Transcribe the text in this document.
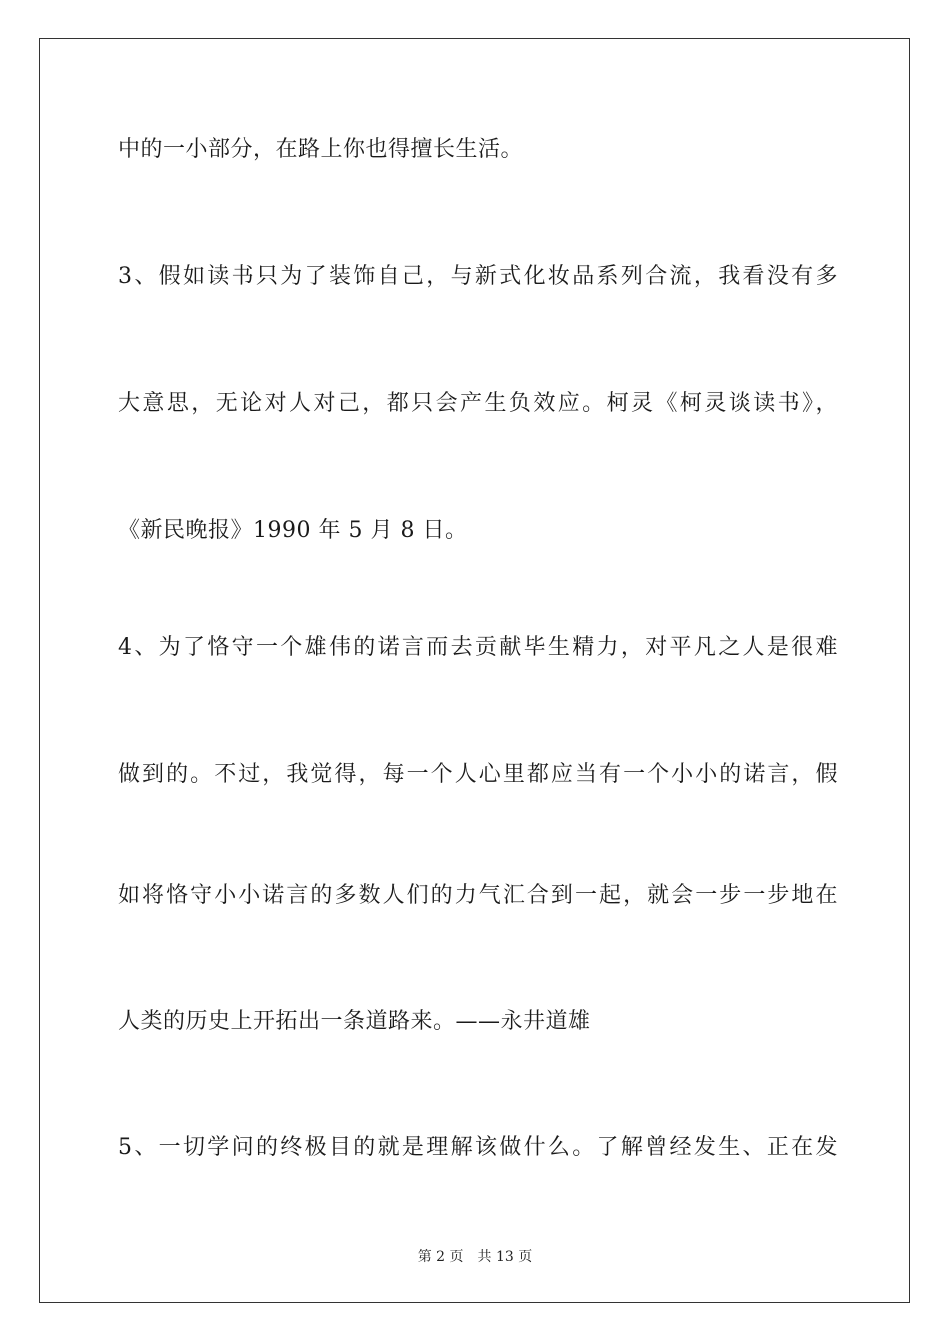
中的一小部分，在路上你也得擅长生活。
3、假如读书只为了装饰自己，与新式化妆品系列合流，我看没有多
大意思，无论对人对己，都只会产生负效应。柯灵《柯灵谈读书》，
《新民晚报》1990 年 5 月 8 日。
4、为了恪守一个雄伟的诺言而去贡献毕生精力，对平凡之人是很难
做到的。不过，我觉得，每一个人心里都应当有一个小小的诺言，假
如将恪守小小诺言的多数人们的力气汇合到一起，就会一步一步地在
人类的历史上开拓出一条道路来。——永井道雄
5、一切学问的终极目的就是理解该做什么。了解曾经发生、正在发
第 2 页 共 13 页
